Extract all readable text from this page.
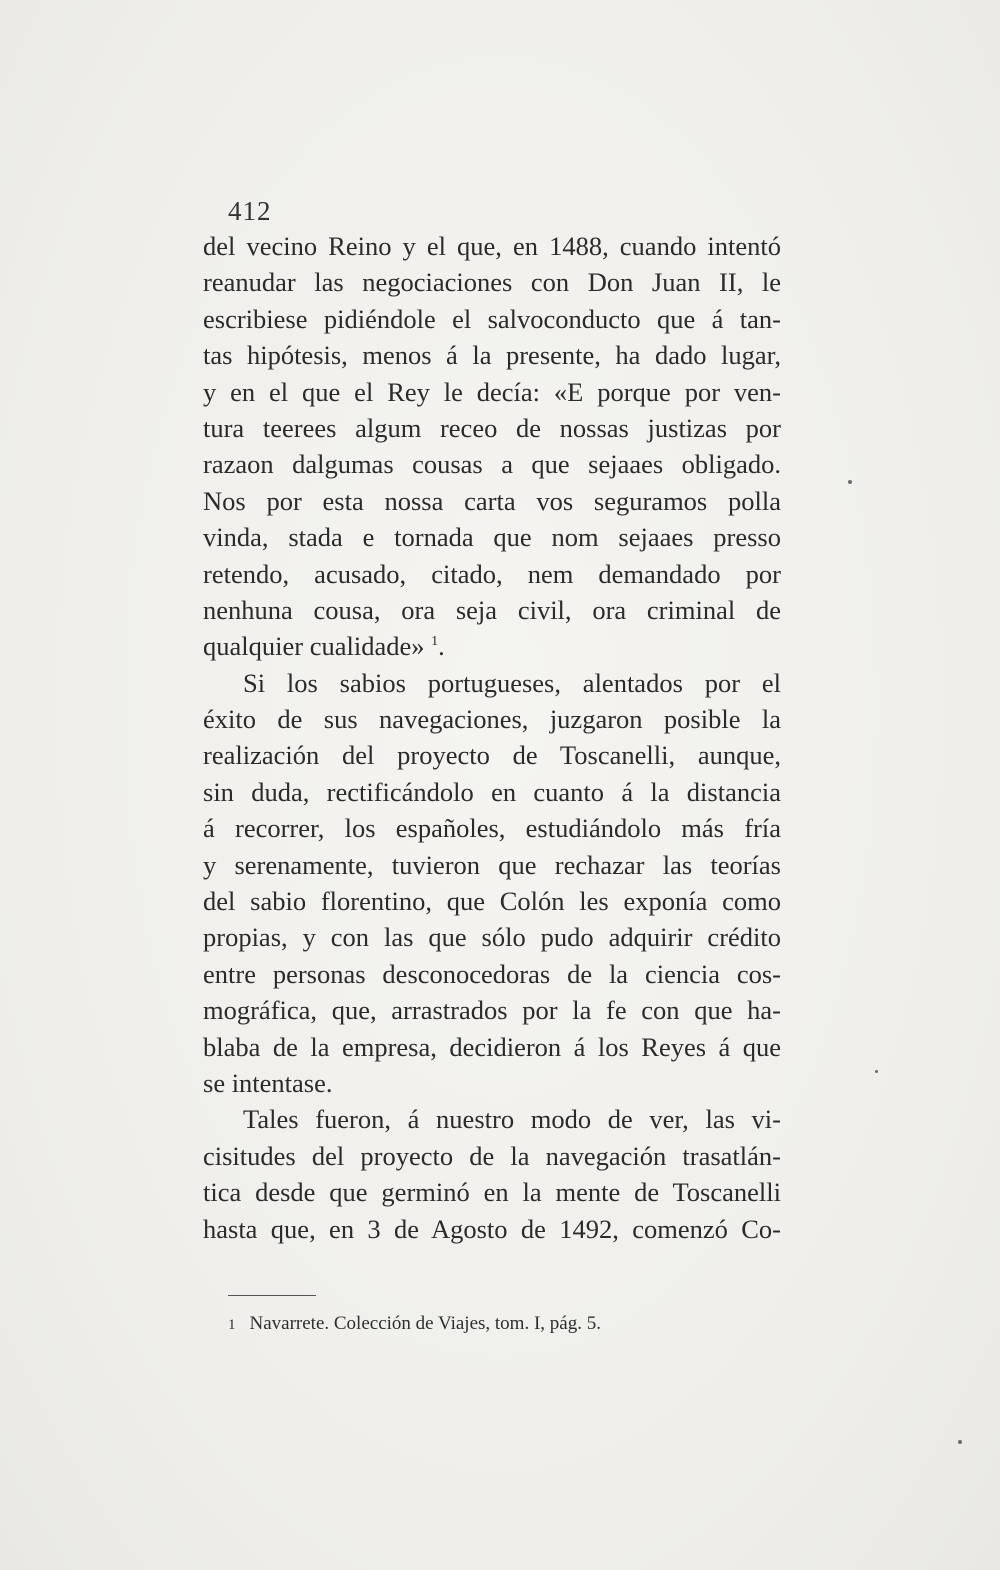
412
del vecino Reino y el que, en 1488, cuando intentó
reanudar las negociaciones con Don Juan II, le
escribiese pidiéndole el salvoconducto que á tan-
tas hipótesis, menos á la presente, ha dado lugar,
y en el que el Rey le decía: «E porque por ven-
tura teerees algum receo de nossas justizas por
razaon dalgumas cousas a que sejaaes obligado.
Nos por esta nossa carta vos seguramos polla
vinda, stada e tornada que nom sejaaes presso
retendo, acusado, citado, nem demandado por
nenhuna cousa, ora seja civil, ora criminal de
qualquier cualidade» $^1$.
Si los sabios portugueses, alentados por el
éxito de sus navegaciones, juzgaron posible la
realización del proyecto de Toscanelli, aunque,
sin duda, rectificándolo en cuanto á la distancia
á recorrer, los españoles, estudiándolo más fría
y serenamente, tuvieron que rechazar las teorías
del sabio florentino, que Colón les exponía como
propias, y con las que sólo pudo adquirir crédito
entre personas desconocedoras de la ciencia cos-
mográfica, que, arrastrados por la fe con que ha-
blaba de la empresa, decidieron á los Reyes á que
se intentase.
Tales fueron, á nuestro modo de ver, las vi-
cisitudes del proyecto de la navegación trasatlán-
tica desde que germinó en la mente de Toscanelli
hasta que, en 3 de Agosto de 1492, comenzó Co-
1 Navarrete. Colección de Viajes, tom. I, pág. 5.
